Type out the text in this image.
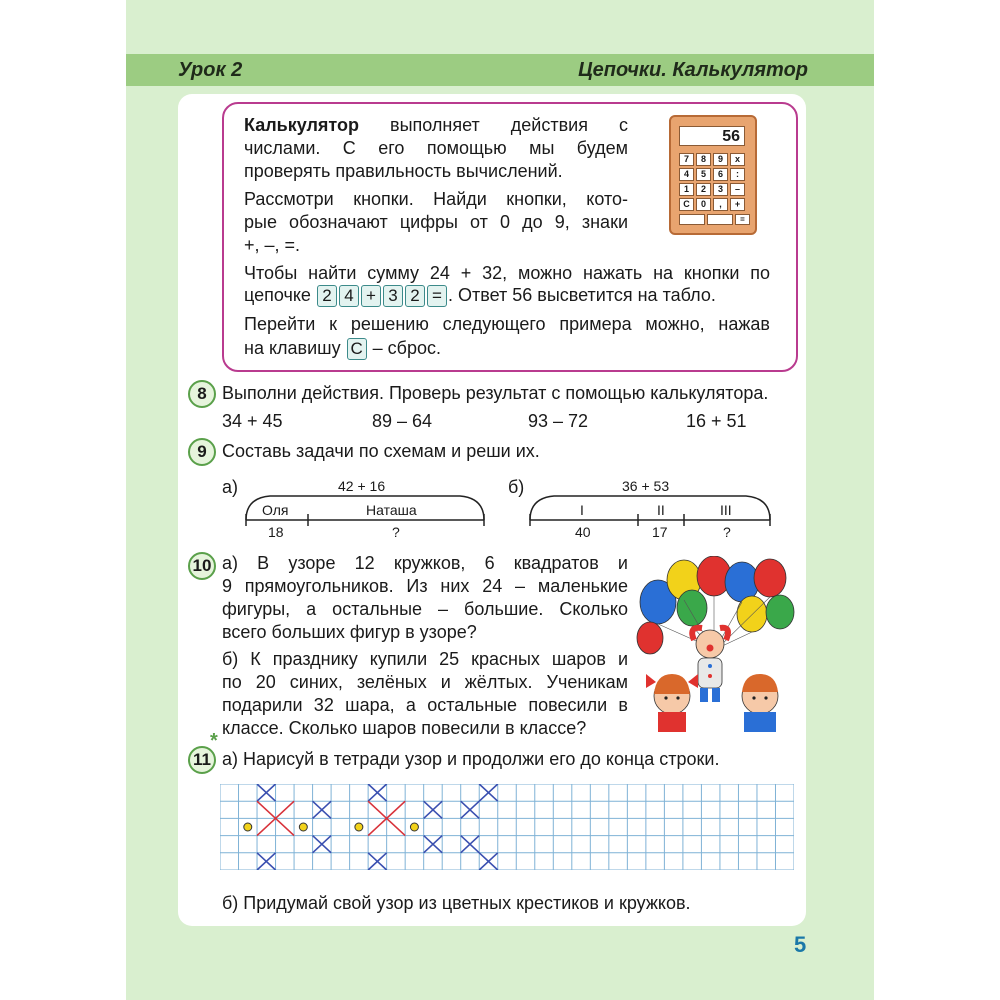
Урок 2	Цепочки. Калькулятор
Калькулятор выполняет действия с
числами. С его помощью мы будем
проверять правильность вычислений.
Рассмотри кнопки. Найди кнопки, кото-
рые обозначают цифры от 0 до 9, знаки
+, –, =.
Чтобы найти сумму 24 + 32, можно нажать на кнопки по
цепочке 2 4 + 3 2 = . Ответ 56 высветится на табло.
Перейти к решению следующего примера можно, нажав
на клавишу С – сброс.
56
7	8	9	x
4	5	6	:
1	2	3	–
C	0	,	+
=
8 Выполни действия. Проверь результат с помощью калькулятора.
34 + 45	89 – 64	93 – 72	16 + 51
9 Составь задачи по схемам и реши их.
а)	42 + 16
Оля	Наташа
18	?
б)	36 + 53
I	II	III
40	17	?
10 а) В узоре 12 кружков, 6 квадратов и
9 прямоугольников. Из них 24 – маленькие
фигуры, а остальные – большие. Сколько
всего больших фигур в узоре?
б) К празднику купили 25 красных шаров и
по 20 синих, зелёных и жёлтых. Ученикам
подарили 32 шара, а остальные повесили в
классе. Сколько шаров повесили в классе?
11
*
а) Нарисуй в тетради узор и продолжи его до конца строки.
б) Придумай свой узор из цветных крестиков и кружков.
5
